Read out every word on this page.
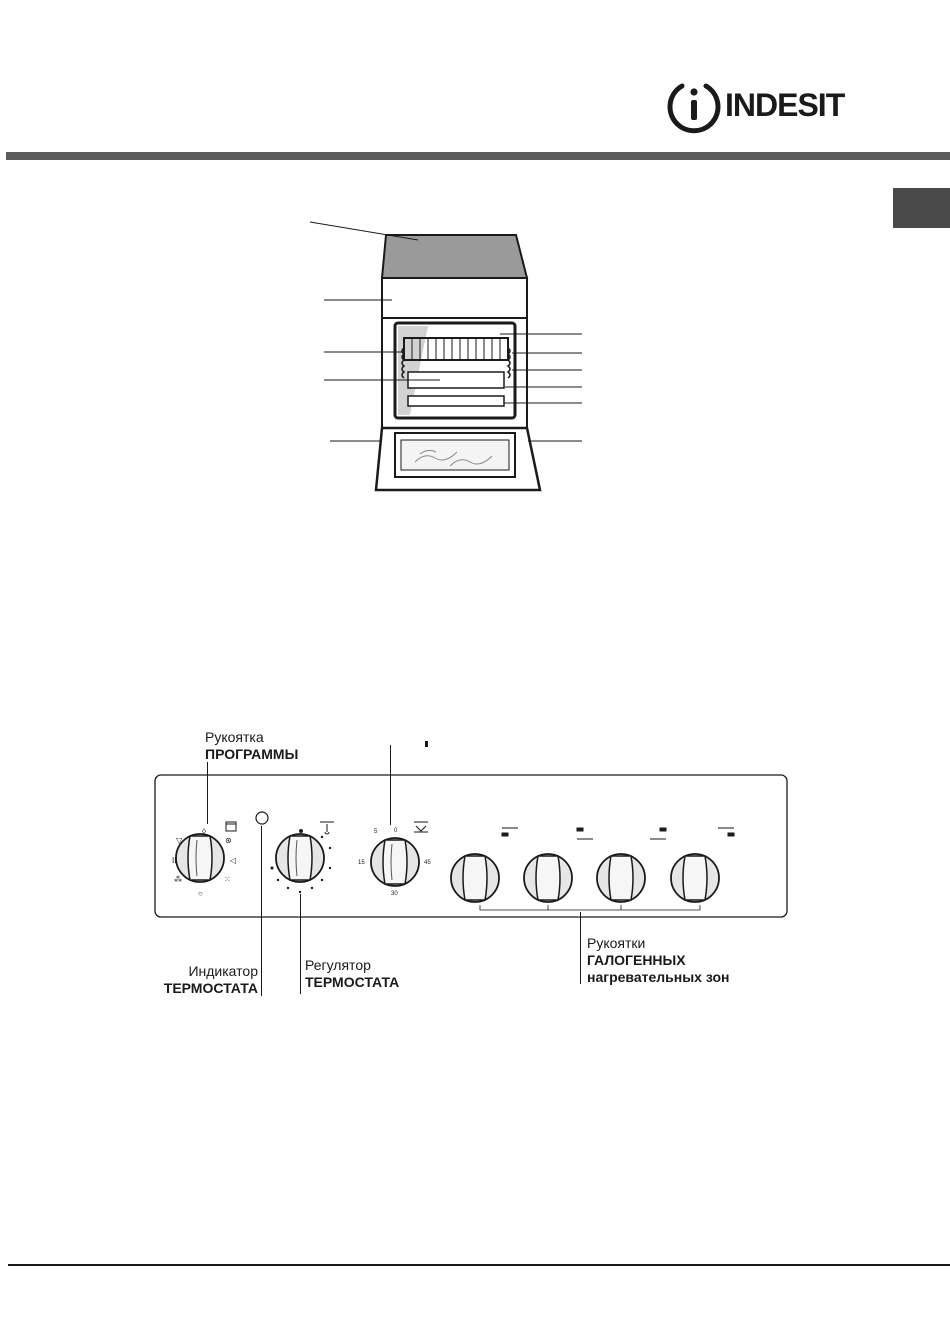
INDESIT
◊
▽	⊛
II	◁
⁂	⁙
○
5	0
15	45
30
Рукоятка
ПРОГРАММЫ
Индикатор
ТЕРМОСТАТА
Регулятор
ТЕРМОСТАТА
Рукоятки
ГАЛОГЕННЫХ
нагревательных зон
